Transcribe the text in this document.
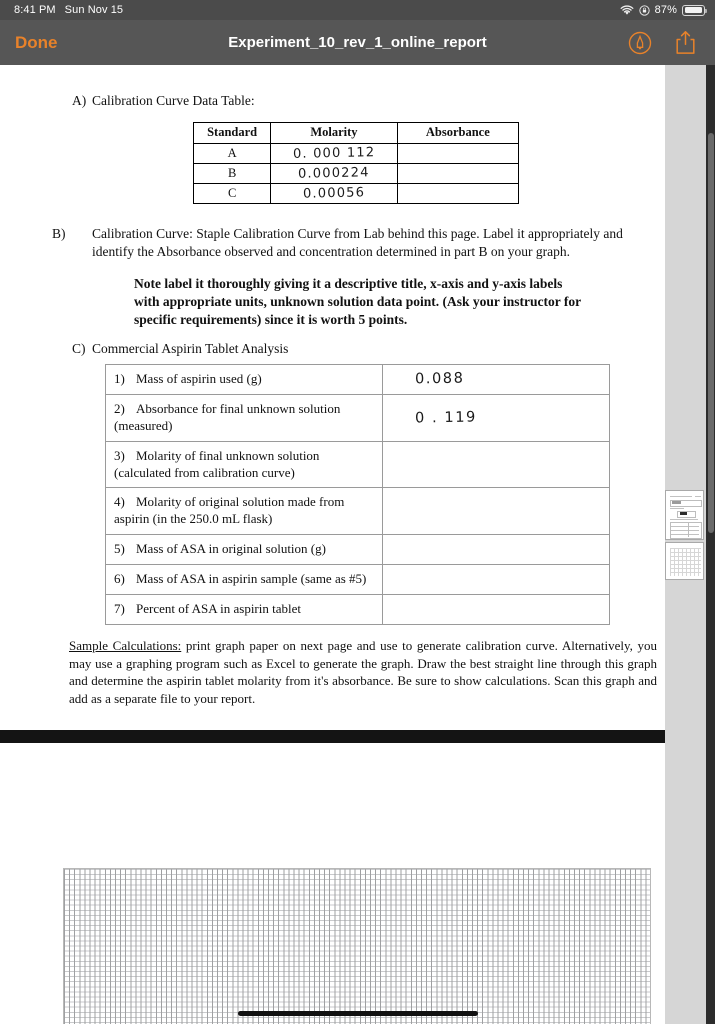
8:41 PM Sun Nov 15	87%
Done	Experiment_10_rev_1_online_report
A) Calibration Curve Data Table:
Standard	Molarity	Absorbance
A	0. 000 112	
B	0.000224	
C	0.00056	
B) Calibration Curve: Staple Calibration Curve from Lab behind this page. Label it appropriately and identify the Absorbance observed and concentration determined in part B on your graph.
Note label it thoroughly giving it a descriptive title, x-axis and y-axis labels with appropriate units, unknown solution data point. (Ask your instructor for specific requirements) since it is worth 5 points.
C) Commercial Aspirin Tablet Analysis
1) Mass of aspirin used (g)	0.088
2) Absorbance for final unknown solution (measured)	0 . 119
3) Molarity of final unknown solution (calculated from calibration curve)	
4) Molarity of original solution made from aspirin (in the 250.0 mL flask)	
5) Mass of ASA in original solution (g)	
6) Mass of ASA in aspirin sample (same as #5)	
7) Percent of ASA in aspirin tablet	
Sample Calculations: print graph paper on next page and use to generate calibration curve. Alternatively, you may use a graphing program such as Excel to generate the graph. Draw the best straight line through this graph and determine the aspirin tablet molarity from it's absorbance. Be sure to show calculations. Scan this graph and add as a separate file to your report.
